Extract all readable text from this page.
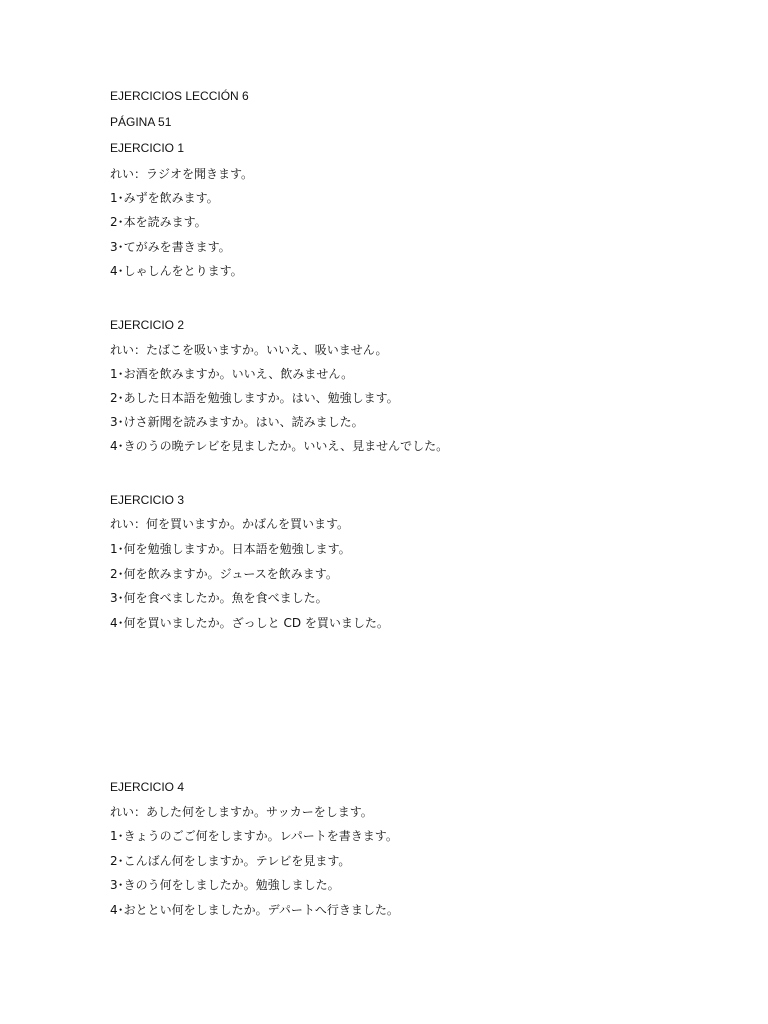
EJERCICIOS LECCIÓN 6
PÁGINA 51
EJERCICIO 1
れい：ラジオを聞きます。
1･みずを飲みます。
2･本を読みます。
3･てがみを書きます。
4･しゃしんをとります。
EJERCICIO 2
れい：たばこを吸いますか。いいえ、吸いません。
1･お酒を飲みますか。いいえ、飲みません。
2･あした日本語を勉強しますか。はい、勉強します。
3･けさ新聞を読みますか。はい、読みました。
4･きのうの晩テレビを見ましたか。いいえ、見ませんでした。
EJERCICIO 3
れい：何を買いますか。かばんを買います。
1･何を勉強しますか。日本語を勉強します。
2･何を飲みますか。ジュースを飲みます。
3･何を食べましたか。魚を食べました。
4･何を買いましたか。ざっしと CD を買いました。
EJERCICIO 4
れい：あした何をしますか。サッカーをします。
1･きょうのごご何をしますか。レパートを書きます。
2･こんばん何をしますか。テレビを見ます。
3･きのう何をしましたか。勉強しました。
4･おととい何をしましたか。デパートへ行きました。
